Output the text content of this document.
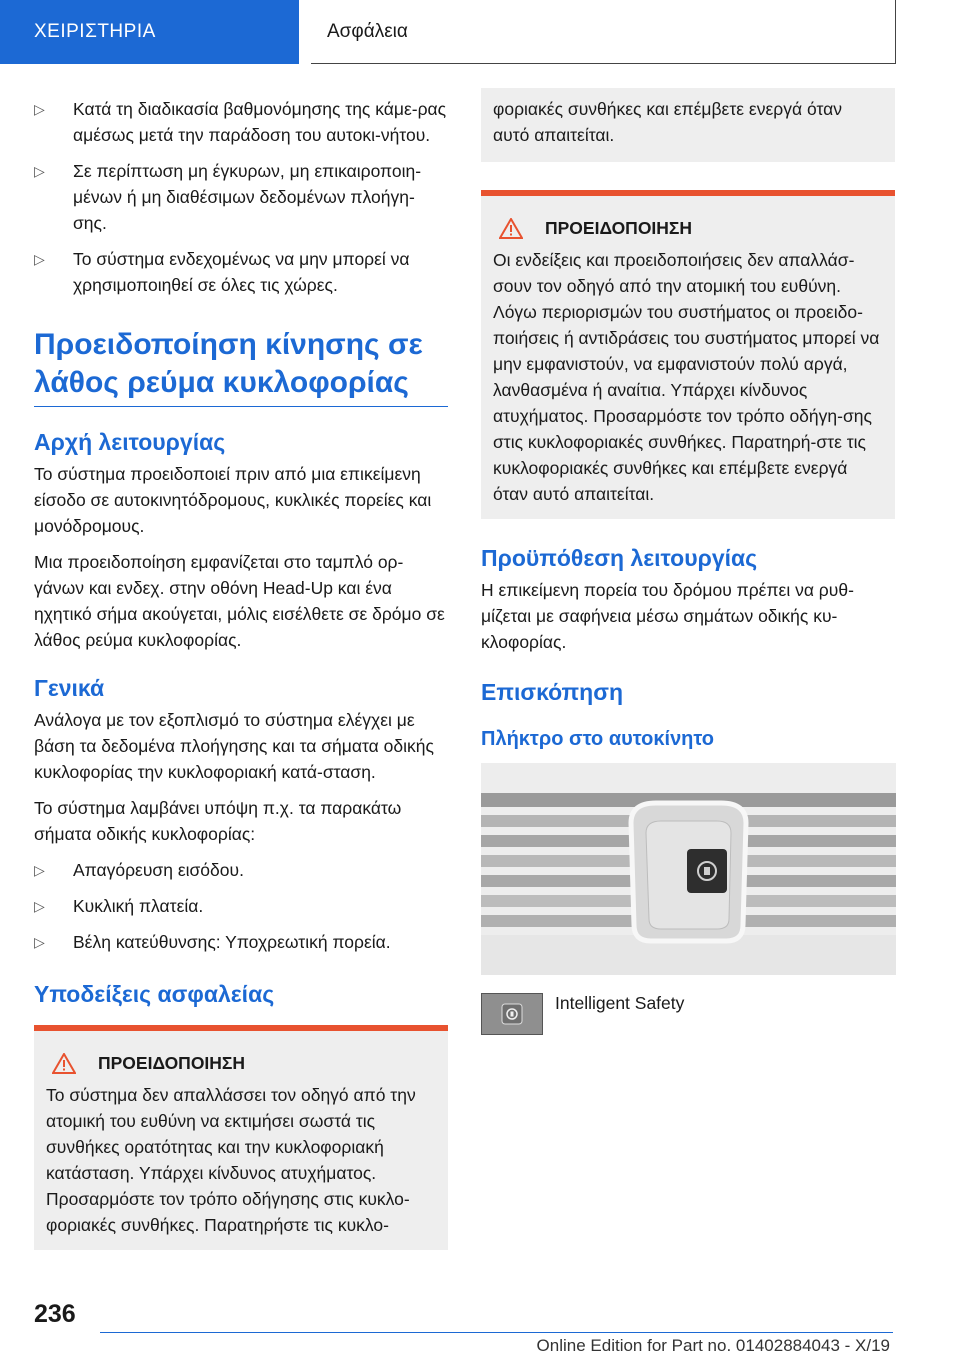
ΧΕΙΡΙΣΤΗΡΙΑ	Ασφάλεια
▷ Κατά τη διαδικασία βαθμονόμησης της κάμε-ρας αμέσως μετά την παράδοση του αυτοκι-νήτου.
▷ Σε περίπτωση μη έγκυρων, μη επικαιροποιη-μένων ή μη διαθέσιμων δεδομένων πλοήγη-σης.
▷ Το σύστημα ενδεχομένως να μην μπορεί να χρησιμοποιηθεί σε όλες τις χώρες.
Προειδοποίηση κίνησης σε λάθος ρεύμα κυκλοφορίας
Αρχή λειτουργίας

Το σύστημα προειδοποιεί πριν από μια επικείμενη είσοδο σε αυτοκινητόδρομους, κυκλικές πορείες και μονόδρομους.

Μια προειδοποίηση εμφανίζεται στο ταμπλό ορ-γάνων και ενδεχ. στην οθόνη Head-Up και ένα ηχητικό σήμα ακούγεται, μόλις εισέλθετε σε δρόμο σε λάθος ρεύμα κυκλοφορίας.

Γενικά

Ανάλογα με τον εξοπλισμό το σύστημα ελέγχει με βάση τα δεδομένα πλοήγησης και τα σήματα οδικής κυκλοφορίας την κυκλοφοριακή κατά-σταση.

Το σύστημα λαμβάνει υπόψη π.χ. τα παρακάτω σήματα οδικής κυκλοφορίας:

▷ Απαγόρευση εισόδου.
▷ Κυκλική πλατεία.
▷ Βέλη κατεύθυνσης: Υποχρεωτική πορεία.
Υποδείξεις ασφαλείας
ΠΡΟΕΙΔΟΠΟΙΗΣΗ

Το σύστημα δεν απαλλάσσει τον οδηγό από την ατομική του ευθύνη να εκτιμήσει σωστά τις συνθήκες ορατότητας και την κυκλοφοριακή κατάσταση. Υπάρχει κίνδυνος ατυχήματος. Προσαρμόστε τον τρόπο οδήγησης στις κυκλο-φοριακές συνθήκες. Παρατηρήστε τις κυκλο-

φοριακές συνθήκες και επέμβετε ενεργά όταν αυτό απαιτείται.

ΠΡΟΕΙΔΟΠΟΙΗΣΗ

Οι ενδείξεις και προειδοποιήσεις δεν απαλλάσ-σουν τον οδηγό από την ατομική του ευθύνη. Λόγω περιορισμών του συστήματος οι προειδο-ποιήσεις ή αντιδράσεις του συστήματος μπορεί να μην εμφανιστούν, να εμφανιστούν πολύ αργά, λανθασμένα ή αναίτια. Υπάρχει κίνδυνος ατυχήματος. Προσαρμόστε τον τρόπο οδήγη-σης στις κυκλοφοριακές συνθήκες. Παρατηρή-στε τις κυκλοφοριακές συνθήκες και επέμβετε ενεργά όταν αυτό απαιτείται.

Προϋπόθεση λειτουργίας

Η επικείμενη πορεία του δρόμου πρέπει να ρυθ-μίζεται με σαφήνεια μέσω σημάτων οδικής κυ-κλοφορίας.

Επισκόπηση
Πλήκτρο στο αυτοκίνητο
Intelligent Safety
236
Online Edition for Part no. 01402884043 - X/19
